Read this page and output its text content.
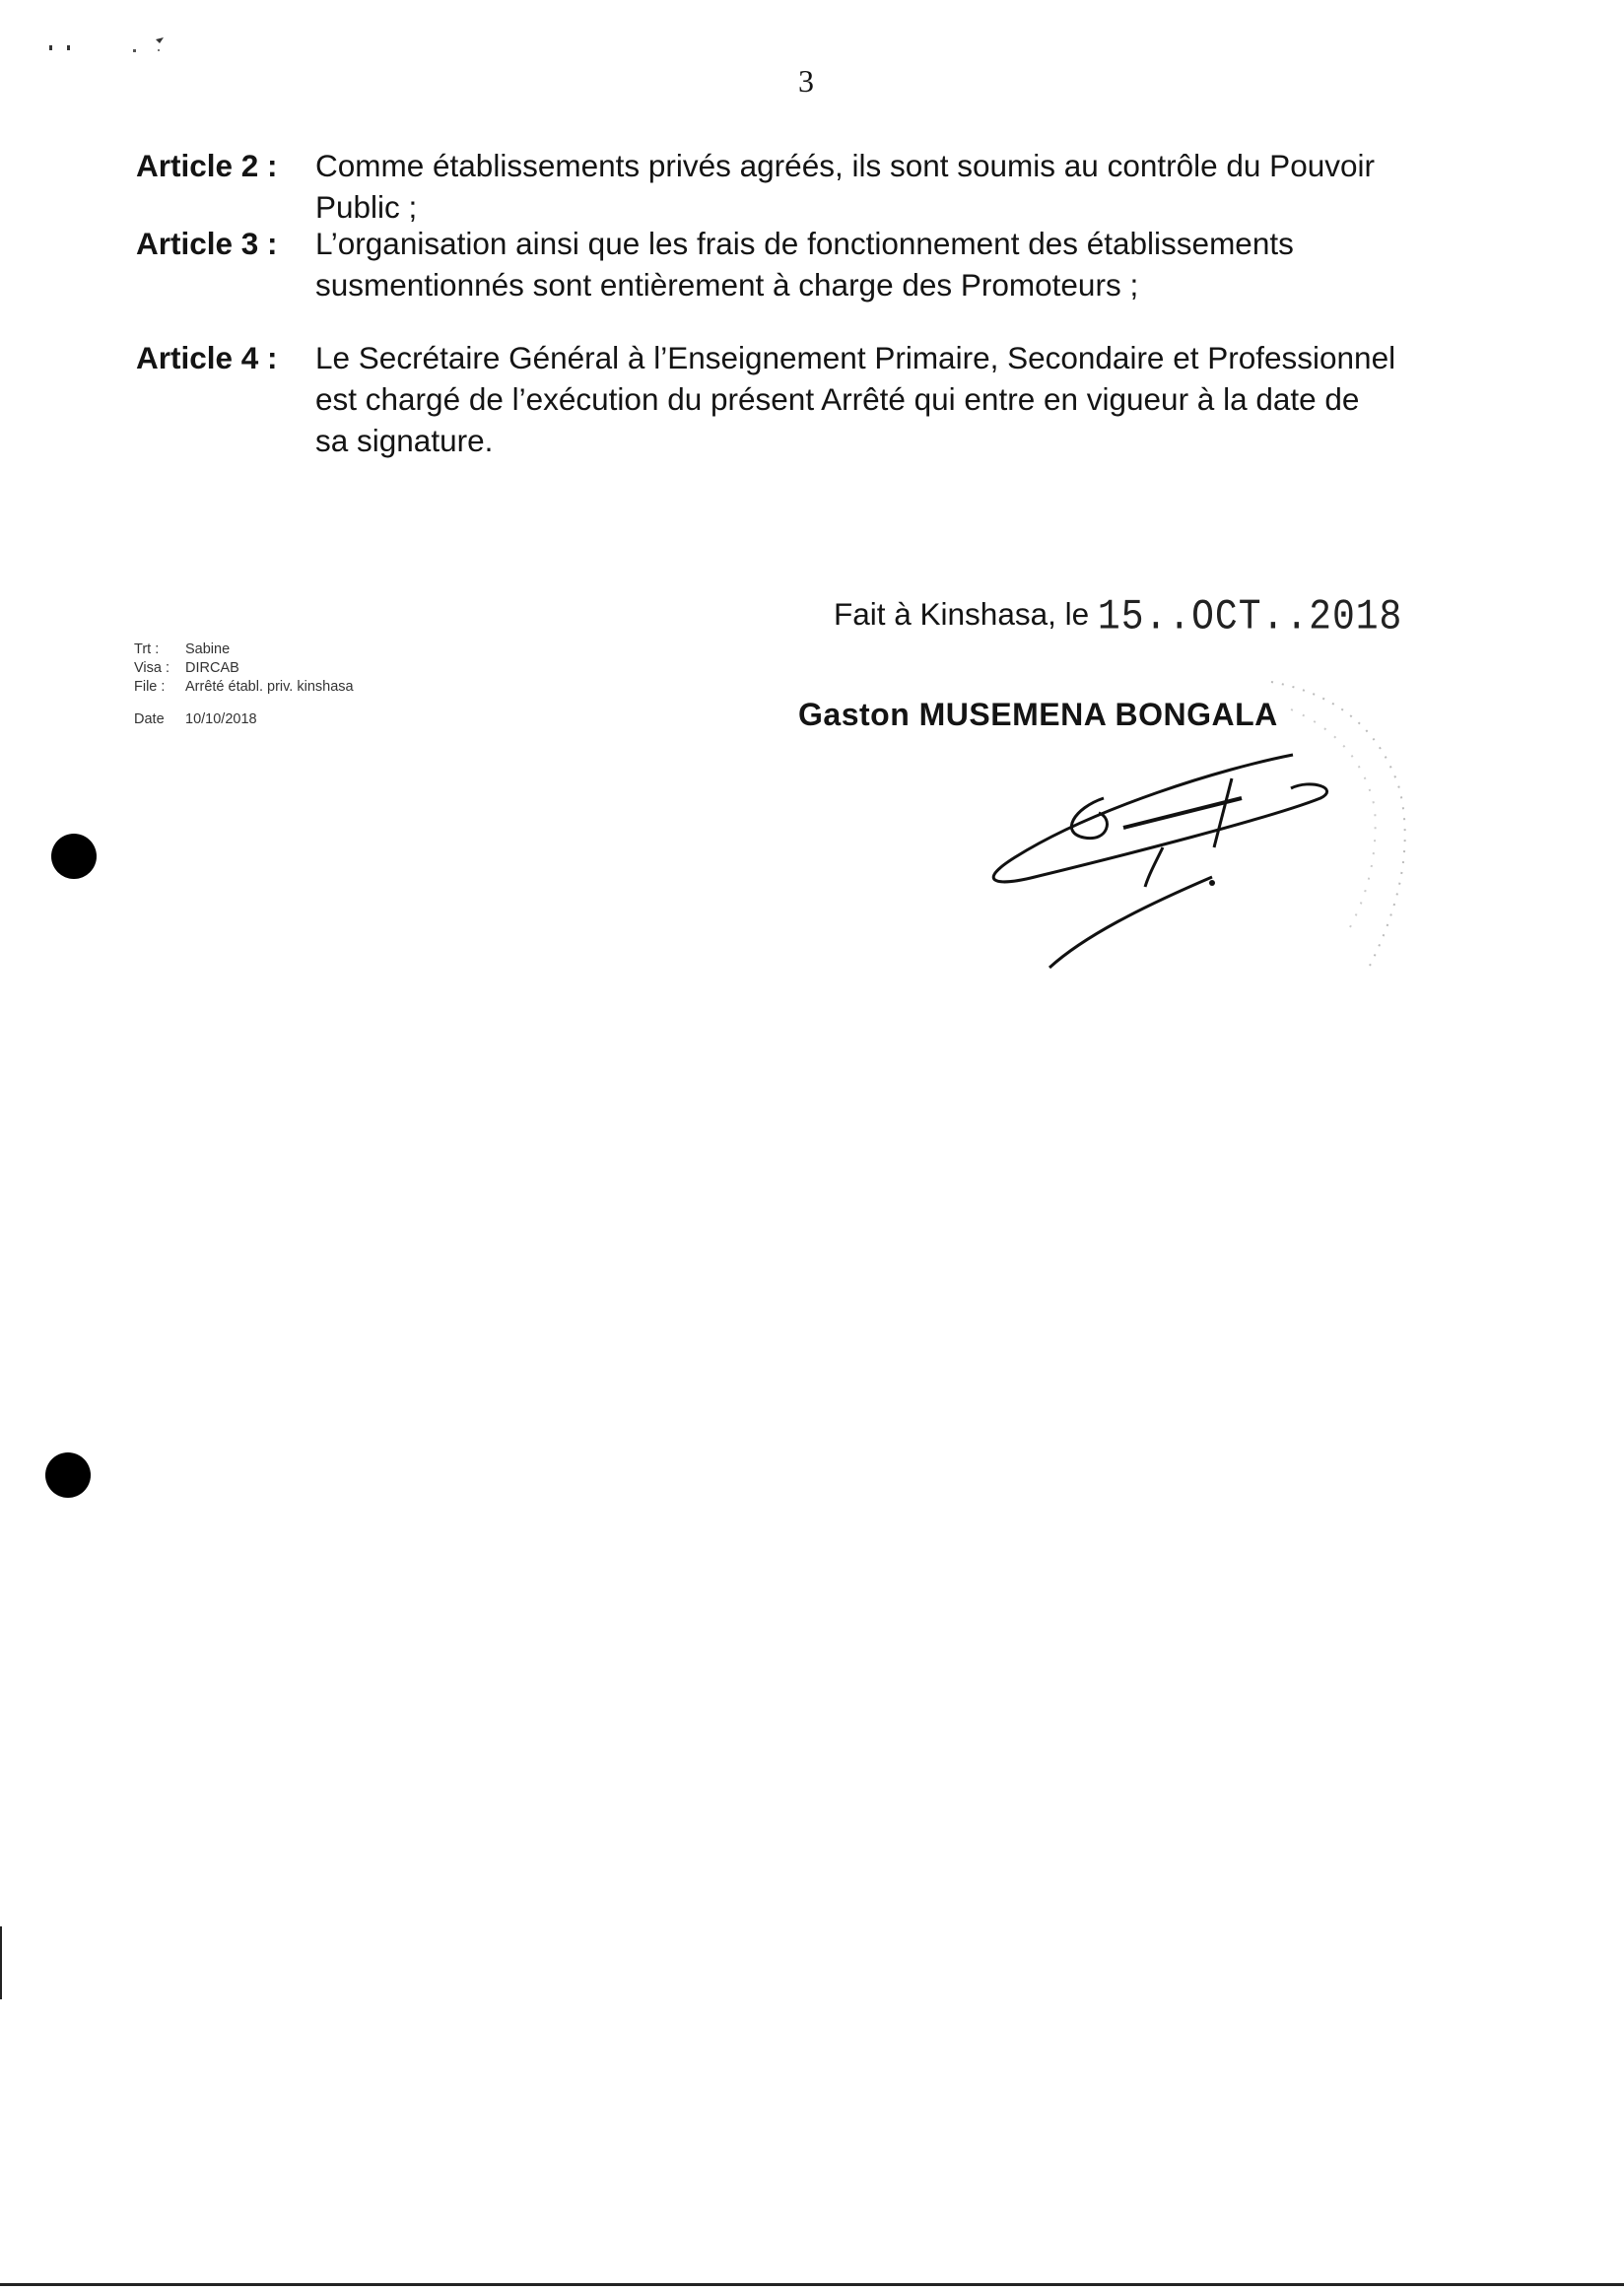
3
Article 2 :	Comme établissements privés agréés, ils sont soumis au contrôle du Pouvoir
Public ;
Article 3 :	L’organisation ainsi que les frais de fonctionnement des établissements
susmentionnés sont entièrement à charge des Promoteurs ;
Article 4 :	Le Secrétaire Général à l’Enseignement Primaire, Secondaire et Professionnel
est chargé de l’exécution du présent Arrêté qui entre en vigueur à la date de
sa signature.
Trt :	Sabine
Visa :	DIRCAB
File :	Arrêté établ. priv. kinshasa
Date	10/10/2018
Fait à Kinshasa, le 15..OCT..2018
Gaston MUSEMENA BONGALA
